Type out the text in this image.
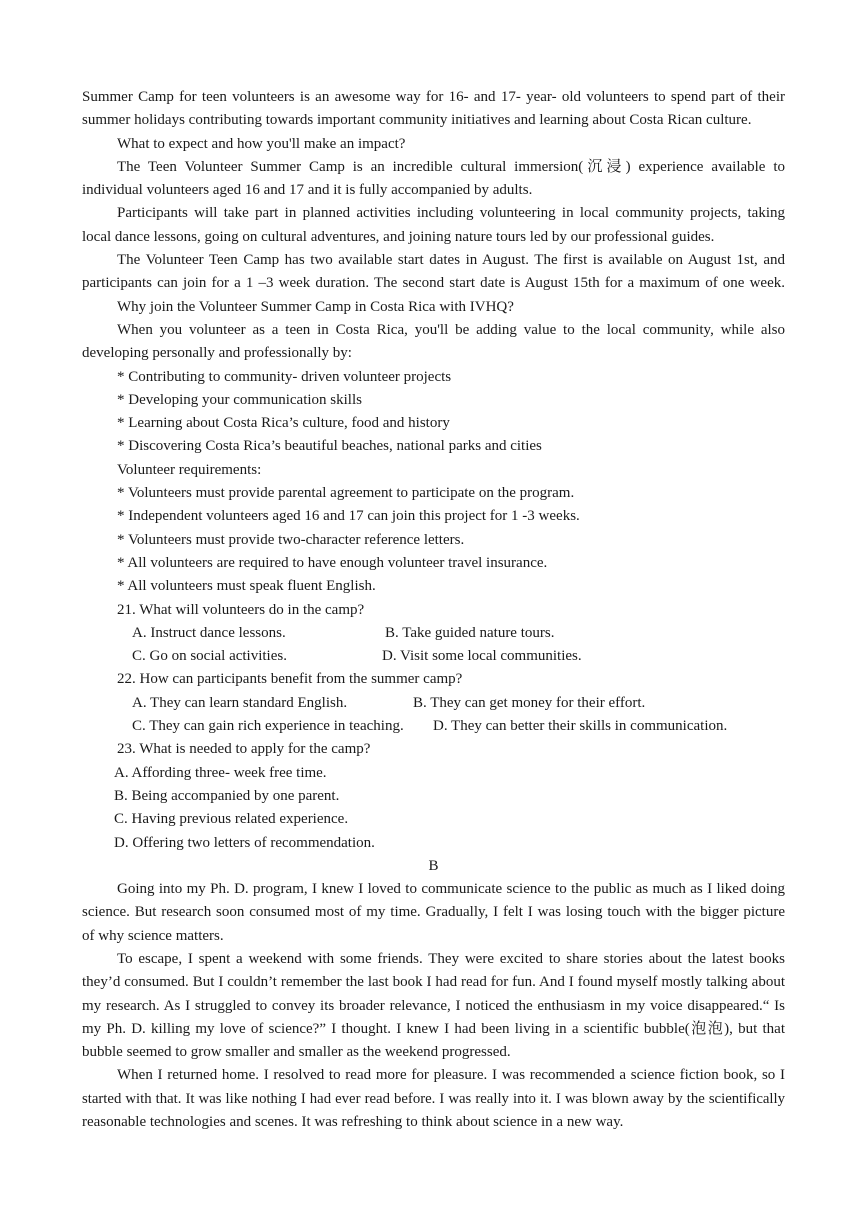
Summer Camp for teen volunteers is an awesome way for 16- and 17- year- old volunteers to spend part of their
summer holidays contributing towards important community initiatives and learning about Costa Rican culture.
What to expect and how you'll make an impact?
The Teen Volunteer Summer Camp is an incredible cultural immersion(沉浸) experience available to
individual volunteers aged 16 and 17 and it is fully accompanied by adults.
Participants will take part in planned activities including volunteering in local community projects, taking
local dance lessons, going on cultural adventures, and joining nature tours led by our professional guides.
The Volunteer Teen Camp has two available start dates in August. The first is available on August 1st, and
participants can join for a 1 –3 week duration. The second start date is August 15th for a maximum of one week.
Why join the Volunteer Summer Camp in Costa Rica with IVHQ?
When you volunteer as a teen in Costa Rica, you'll be adding value to the local community, while also
developing personally and professionally by:
* Contributing to community- driven volunteer projects
* Developing your communication skills
* Learning about Costa Rica’s culture, food and history
* Discovering Costa Rica’s beautiful beaches, national parks and cities
Volunteer requirements:
* Volunteers must provide parental agreement to participate on the program.
* Independent volunteers aged 16 and 17 can join this project for 1 -3 weeks.
* Volunteers must provide two-character reference letters.
* All volunteers are required to have enough volunteer travel insurance.
* All volunteers must speak fluent English.
21. What will volunteers do in the camp?
A. Instruct dance lessons.	B. Take guided nature tours.
C. Go on social activities.	D. Visit some local communities.
22. How can participants benefit from the summer camp?
A. They can learn standard English.	B. They can get money for their effort.
C. They can gain rich experience in teaching. D. They can better their skills in communication.
23. What is needed to apply for the camp?
A. Affording three- week free time.
B. Being accompanied by one parent.
C. Having previous related experience.
D. Offering two letters of recommendation.
B
Going into my Ph. D. program, I knew I loved to communicate science to the public as much as I liked doing
science. But research soon consumed most of my time. Gradually, I felt I was losing touch with the bigger picture
of why science matters.
To escape, I spent a weekend with some friends. They were excited to share stories about the latest books
they’d consumed. But I couldn’t remember the last book I had read for fun. And I found myself mostly talking about
my research. As I struggled to convey its broader relevance, I noticed the enthusiasm in my voice disappeared.“ Is
my Ph. D. killing my love of science?” I thought. I knew I had been living in a scientific bubble(泡泡), but that
bubble seemed to grow smaller and smaller as the weekend progressed.
When I returned home. I resolved to read more for pleasure. I was recommended a science fiction book, so I
started with that. It was like nothing I had ever read before. I was really into it. I was blown away by the scientifically
reasonable technologies and scenes. It was refreshing to think about science in a new way.
